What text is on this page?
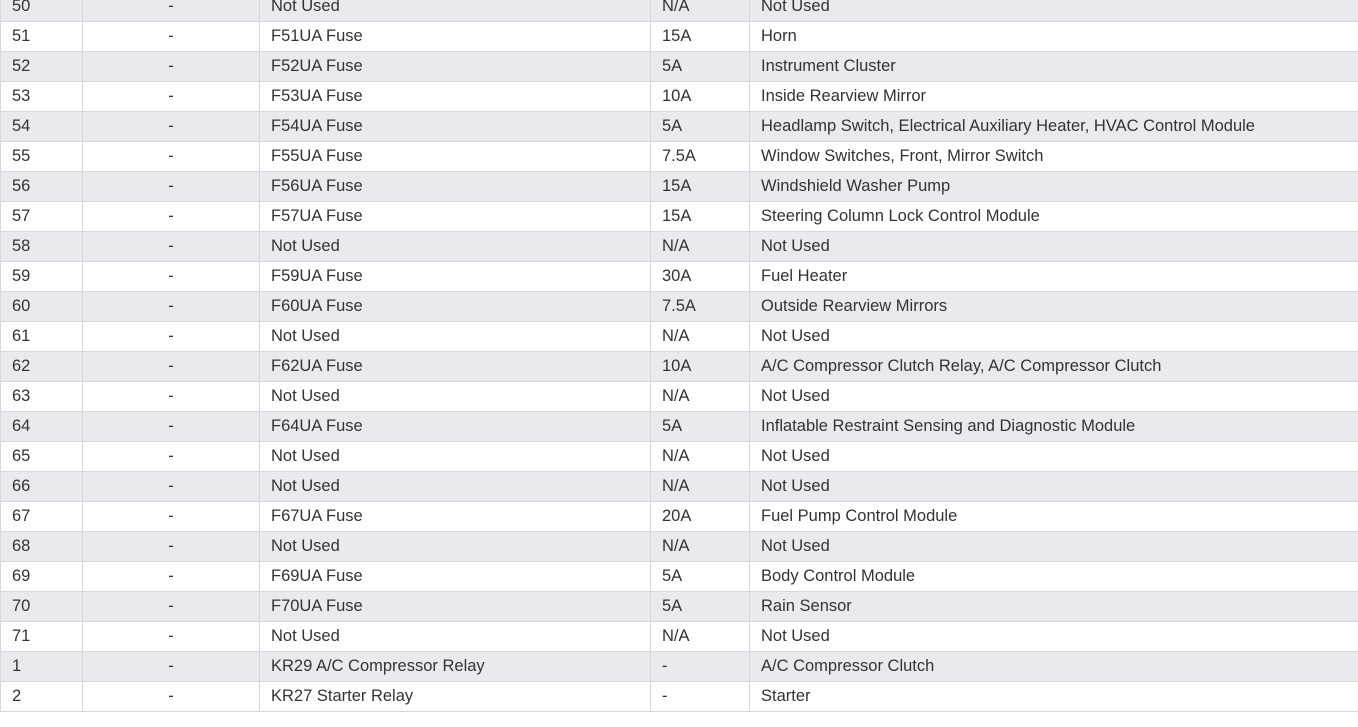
50	-	Not Used	N/A	Not Used
51	-	F51UA Fuse	15A	Horn
52	-	F52UA Fuse	5A	Instrument Cluster
53	-	F53UA Fuse	10A	Inside Rearview Mirror
54	-	F54UA Fuse	5A	Headlamp Switch, Electrical Auxiliary Heater, HVAC Control Module
55	-	F55UA Fuse	7.5A	Window Switches, Front, Mirror Switch
56	-	F56UA Fuse	15A	Windshield Washer Pump
57	-	F57UA Fuse	15A	Steering Column Lock Control Module
58	-	Not Used	N/A	Not Used
59	-	F59UA Fuse	30A	Fuel Heater
60	-	F60UA Fuse	7.5A	Outside Rearview Mirrors
61	-	Not Used	N/A	Not Used
62	-	F62UA Fuse	10A	A/C Compressor Clutch Relay, A/C Compressor Clutch
63	-	Not Used	N/A	Not Used
64	-	F64UA Fuse	5A	Inflatable Restraint Sensing and Diagnostic Module
65	-	Not Used	N/A	Not Used
66	-	Not Used	N/A	Not Used
67	-	F67UA Fuse	20A	Fuel Pump Control Module
68	-	Not Used	N/A	Not Used
69	-	F69UA Fuse	5A	Body Control Module
70	-	F70UA Fuse	5A	Rain Sensor
71	-	Not Used	N/A	Not Used
1	-	KR29 A/C Compressor Relay	-	A/C Compressor Clutch
2	-	KR27 Starter Relay	-	Starter
